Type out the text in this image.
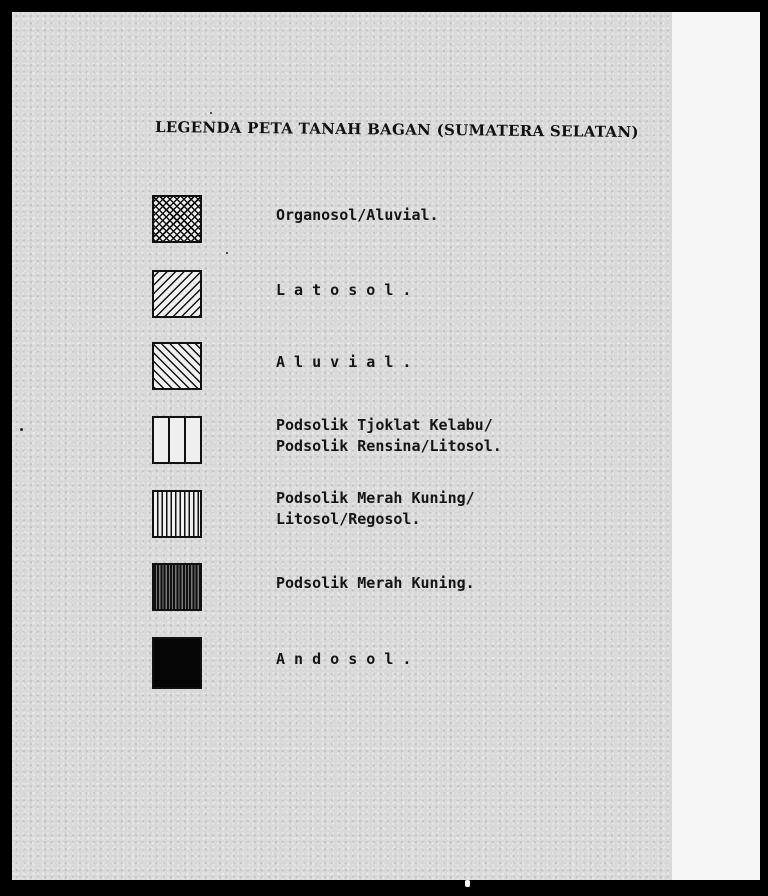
LEGENDA PETA TANAH BAGAN (SUMATERA SELATAN)
Organosol/Aluvial.
L a t o s o l .
A l u v i a l .
Podsolik Tjoklat Kelabu/
Podsolik Rensina/Litosol.
Podsolik Merah Kuning/
Litosol/Regosol.
Podsolik Merah Kuning.
A n d o s o l .
